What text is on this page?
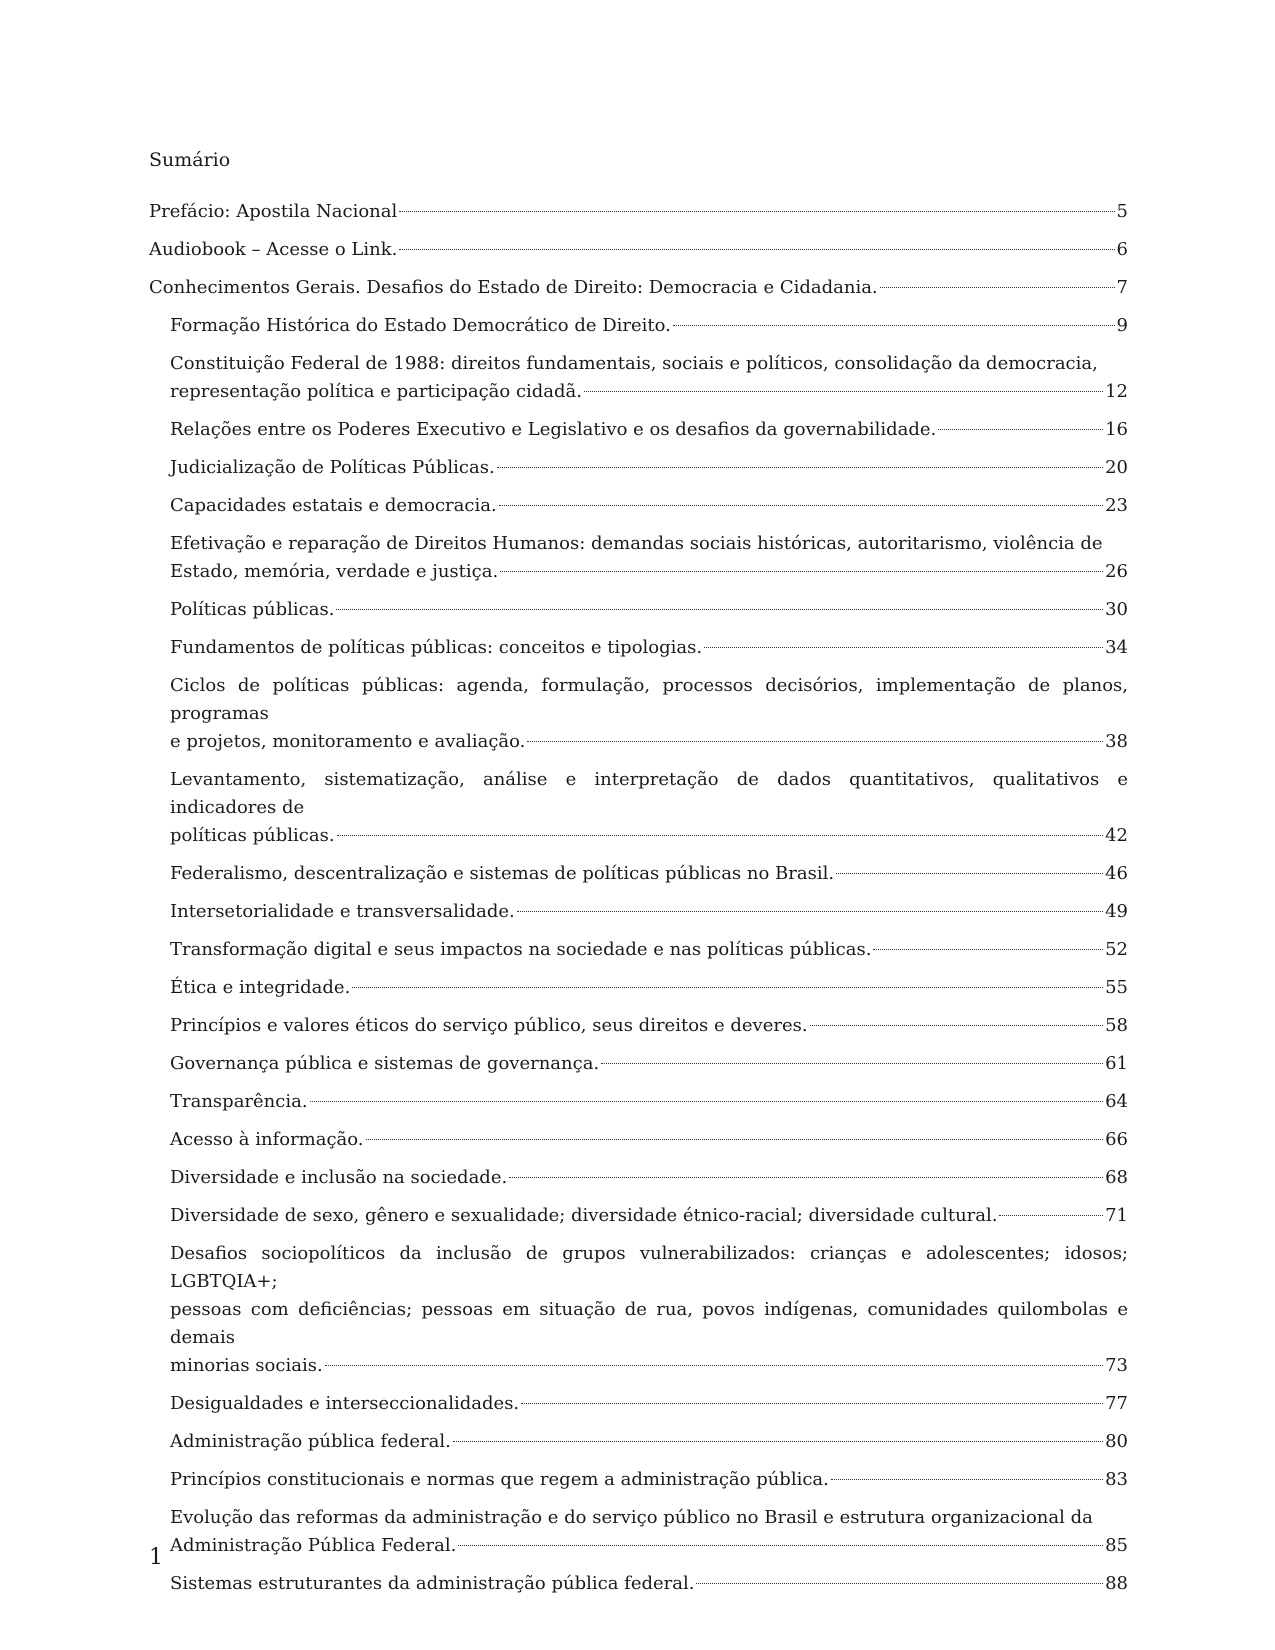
Sumário
Prefácio: Apostila Nacional	5
Audiobook – Acesse o Link.	6
Conhecimentos Gerais. Desafios do Estado de Direito: Democracia e Cidadania.	7
Formação Histórica do Estado Democrático de Direito.	9
Constituição Federal de 1988: direitos fundamentais, sociais e políticos, consolidação da democracia,
representação política e participação cidadã.	12
Relações entre os Poderes Executivo e Legislativo e os desafios da governabilidade.	16
Judicialização de Políticas Públicas.	20
Capacidades estatais e democracia.	23
Efetivação e reparação de Direitos Humanos: demandas sociais históricas, autoritarismo, violência de
Estado, memória, verdade e justiça.	26
Políticas públicas.	30
Fundamentos de políticas públicas: conceitos e tipologias.	34
Ciclos de políticas públicas: agenda, formulação, processos decisórios, implementação de planos, programas
e projetos, monitoramento e avaliação.	38
Levantamento, sistematização, análise e interpretação de dados quantitativos, qualitativos e indicadores de
políticas públicas.	42
Federalismo, descentralização e sistemas de políticas públicas no Brasil.	46
Intersetorialidade e transversalidade.	49
Transformação digital e seus impactos na sociedade e nas políticas públicas.	52
Ética e integridade.	55
Princípios e valores éticos do serviço público, seus direitos e deveres.	58
Governança pública e sistemas de governança.	61
Transparência.	64
Acesso à informação.	66
Diversidade e inclusão na sociedade.	68
Diversidade de sexo, gênero e sexualidade; diversidade étnico-racial; diversidade cultural.	71
Desafios sociopolíticos da inclusão de grupos vulnerabilizados: crianças e adolescentes; idosos; LGBTQIA+;
pessoas com deficiências; pessoas em situação de rua, povos indígenas, comunidades quilombolas e demais
minorias sociais.	73
Desigualdades e interseccionalidades.	77
Administração pública federal.	80
Princípios constitucionais e normas que regem a administração pública.	83
Evolução das reformas da administração e do serviço público no Brasil e estrutura organizacional da
Administração Pública Federal.	85
Sistemas estruturantes da administração pública federal.	88
1
